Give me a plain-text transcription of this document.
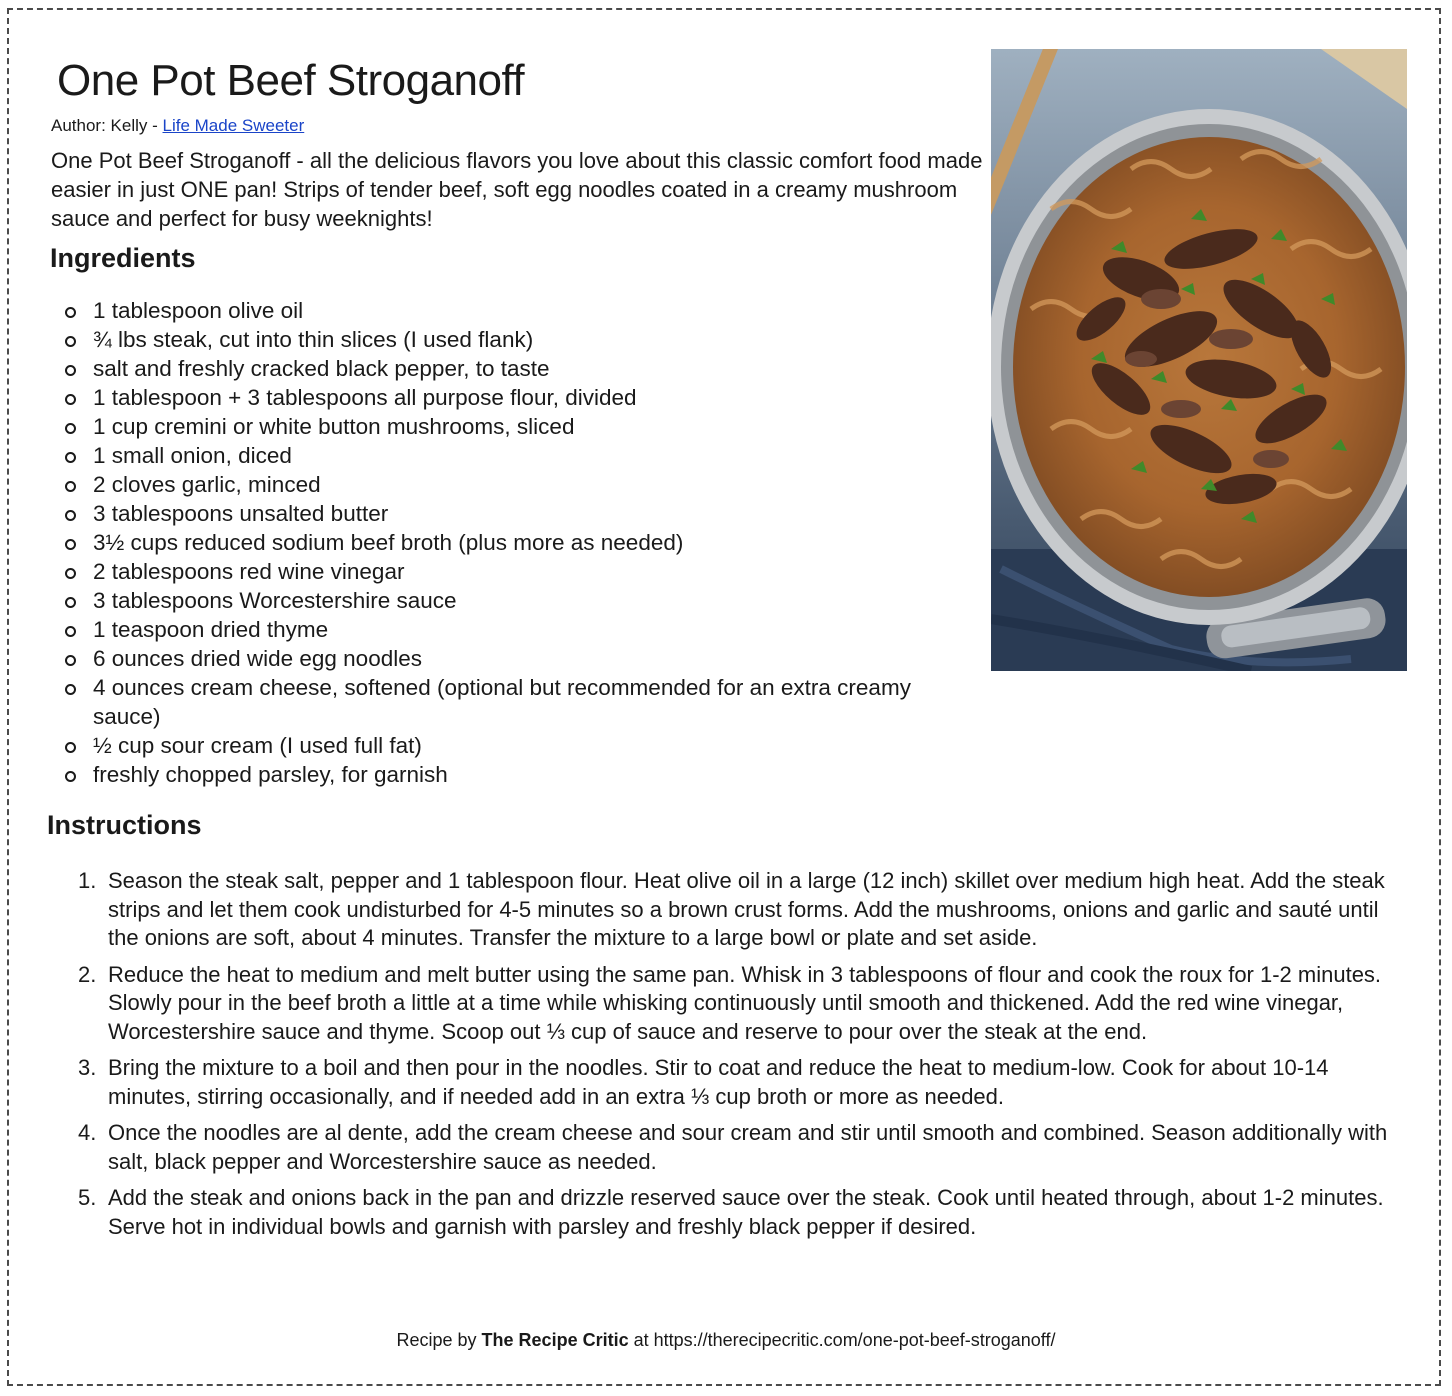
One Pot Beef Stroganoff
Author: Kelly - Life Made Sweeter

One Pot Beef Stroganoff - all the delicious flavors you love about this classic comfort food made easier in just ONE pan! Strips of tender beef, soft egg noodles coated in a creamy mushroom sauce and perfect for busy weeknights!

Ingredients
1 tablespoon olive oil
¾ lbs steak, cut into thin slices (I used flank)
salt and freshly cracked black pepper, to taste
1 tablespoon + 3 tablespoons all purpose flour, divided
1 cup cremini or white button mushrooms, sliced
1 small onion, diced
2 cloves garlic, minced
3 tablespoons unsalted butter
3½ cups reduced sodium beef broth (plus more as needed)
2 tablespoons red wine vinegar
3 tablespoons Worcestershire sauce
1 teaspoon dried thyme
6 ounces dried wide egg noodles
4 ounces cream cheese, softened (optional but recommended for an extra creamy sauce)
½ cup sour cream (I used full fat)
freshly chopped parsley, for garnish
Instructions
1. Season the steak salt, pepper and 1 tablespoon flour. Heat olive oil in a large (12 inch) skillet over medium high heat. Add the steak strips and let them cook undisturbed for 4-5 minutes so a brown crust forms. Add the mushrooms, onions and garlic and sauté until the onions are soft, about 4 minutes. Transfer the mixture to a large bowl or plate and set aside.
2. Reduce the heat to medium and melt butter using the same pan. Whisk in 3 tablespoons of flour and cook the roux for 1-2 minutes. Slowly pour in the beef broth a little at a time while whisking continuously until smooth and thickened. Add the red wine vinegar, Worcestershire sauce and thyme. Scoop out ⅓ cup of sauce and reserve to pour over the steak at the end.
3. Bring the mixture to a boil and then pour in the noodles. Stir to coat and reduce the heat to medium-low. Cook for about 10-14 minutes, stirring occasionally, and if needed add in an extra ⅓ cup broth or more as needed.
4. Once the noodles are al dente, add the cream cheese and sour cream and stir until smooth and combined. Season additionally with salt, black pepper and Worcestershire sauce as needed.
5. Add the steak and onions back in the pan and drizzle reserved sauce over the steak. Cook until heated through, about 1-2 minutes. Serve hot in individual bowls and garnish with parsley and freshly black pepper if desired.
Recipe by The Recipe Critic at https://therecipecritic.com/one-pot-beef-stroganoff/
